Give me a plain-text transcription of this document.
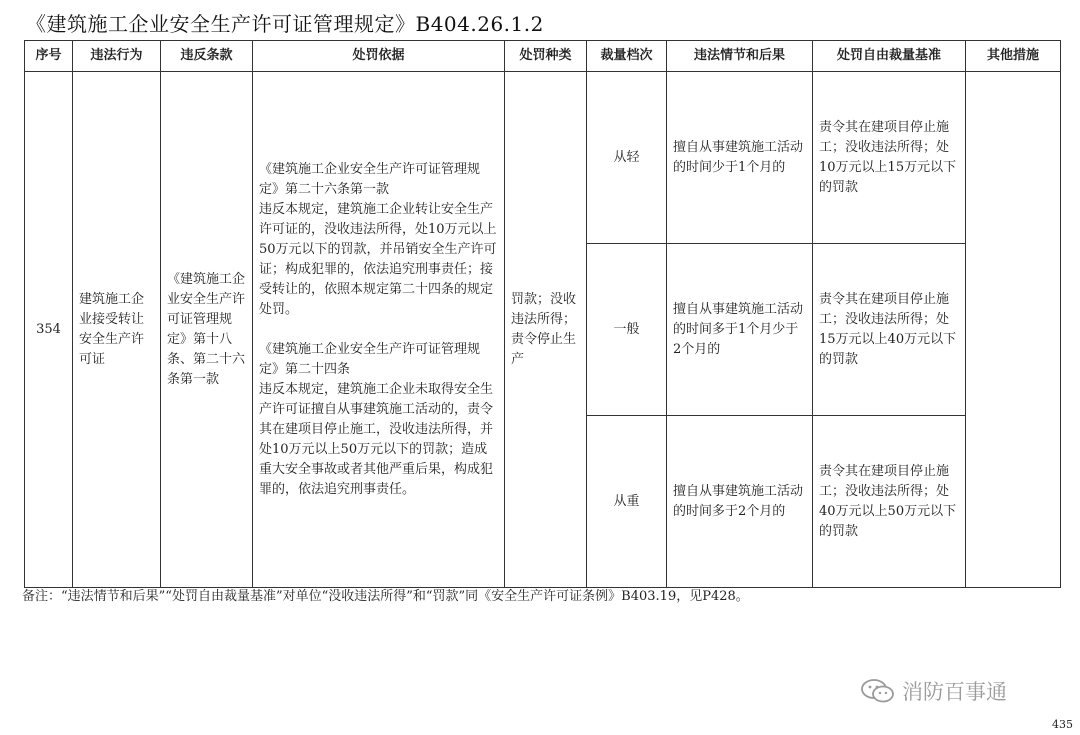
《建筑施工企业安全生产许可证管理规定》B404.26.1.2
序号	违法行为	违反条款	处罚依据	处罚种类	裁量档次	违法情节和后果	处罚自由裁量基准	其他措施
354	建筑施工企业接受转让安全生产许可证	《建筑施工企业安全生产许可证管理规定》第十八条、第二十六条第一款	《建筑施工企业安全生产许可证管理规定》第二十六条第一款
违反本规定，建筑施工企业转让安全生产许可证的，没收违法所得，处10万元以上50万元以下的罚款，并吊销安全生产许可证；构成犯罪的，依法追究刑事责任；接受转让的，依照本规定第二十四条的规定处罚。

《建筑施工企业安全生产许可证管理规定》第二十四条
违反本规定，建筑施工企业未取得安全生产许可证擅自从事建筑施工活动的，责令其在建项目停止施工，没收违法所得，并处10万元以上50万元以下的罚款；造成重大安全事故或者其他严重后果，构成犯罪的，依法追究刑事责任。	罚款；没收违法所得；责令停止生产	从轻	擅自从事建筑施工活动的时间少于1个月的	责令其在建项目停止施工；没收违法所得；处10万元以上15万元以下的罚款	
					一般	擅自从事建筑施工活动的时间多于1个月少于2个月的	责令其在建项目停止施工；没收违法所得；处15万元以上40万元以下的罚款	
					从重	擅自从事建筑施工活动的时间多于2个月的	责令其在建项目停止施工；没收违法所得；处40万元以上50万元以下的罚款	
备注：“违法情节和后果”“处罚自由裁量基准”对单位“没收违法所得”和“罚款”同《安全生产许可证条例》B403.19，见P428。
消防百事通
435
